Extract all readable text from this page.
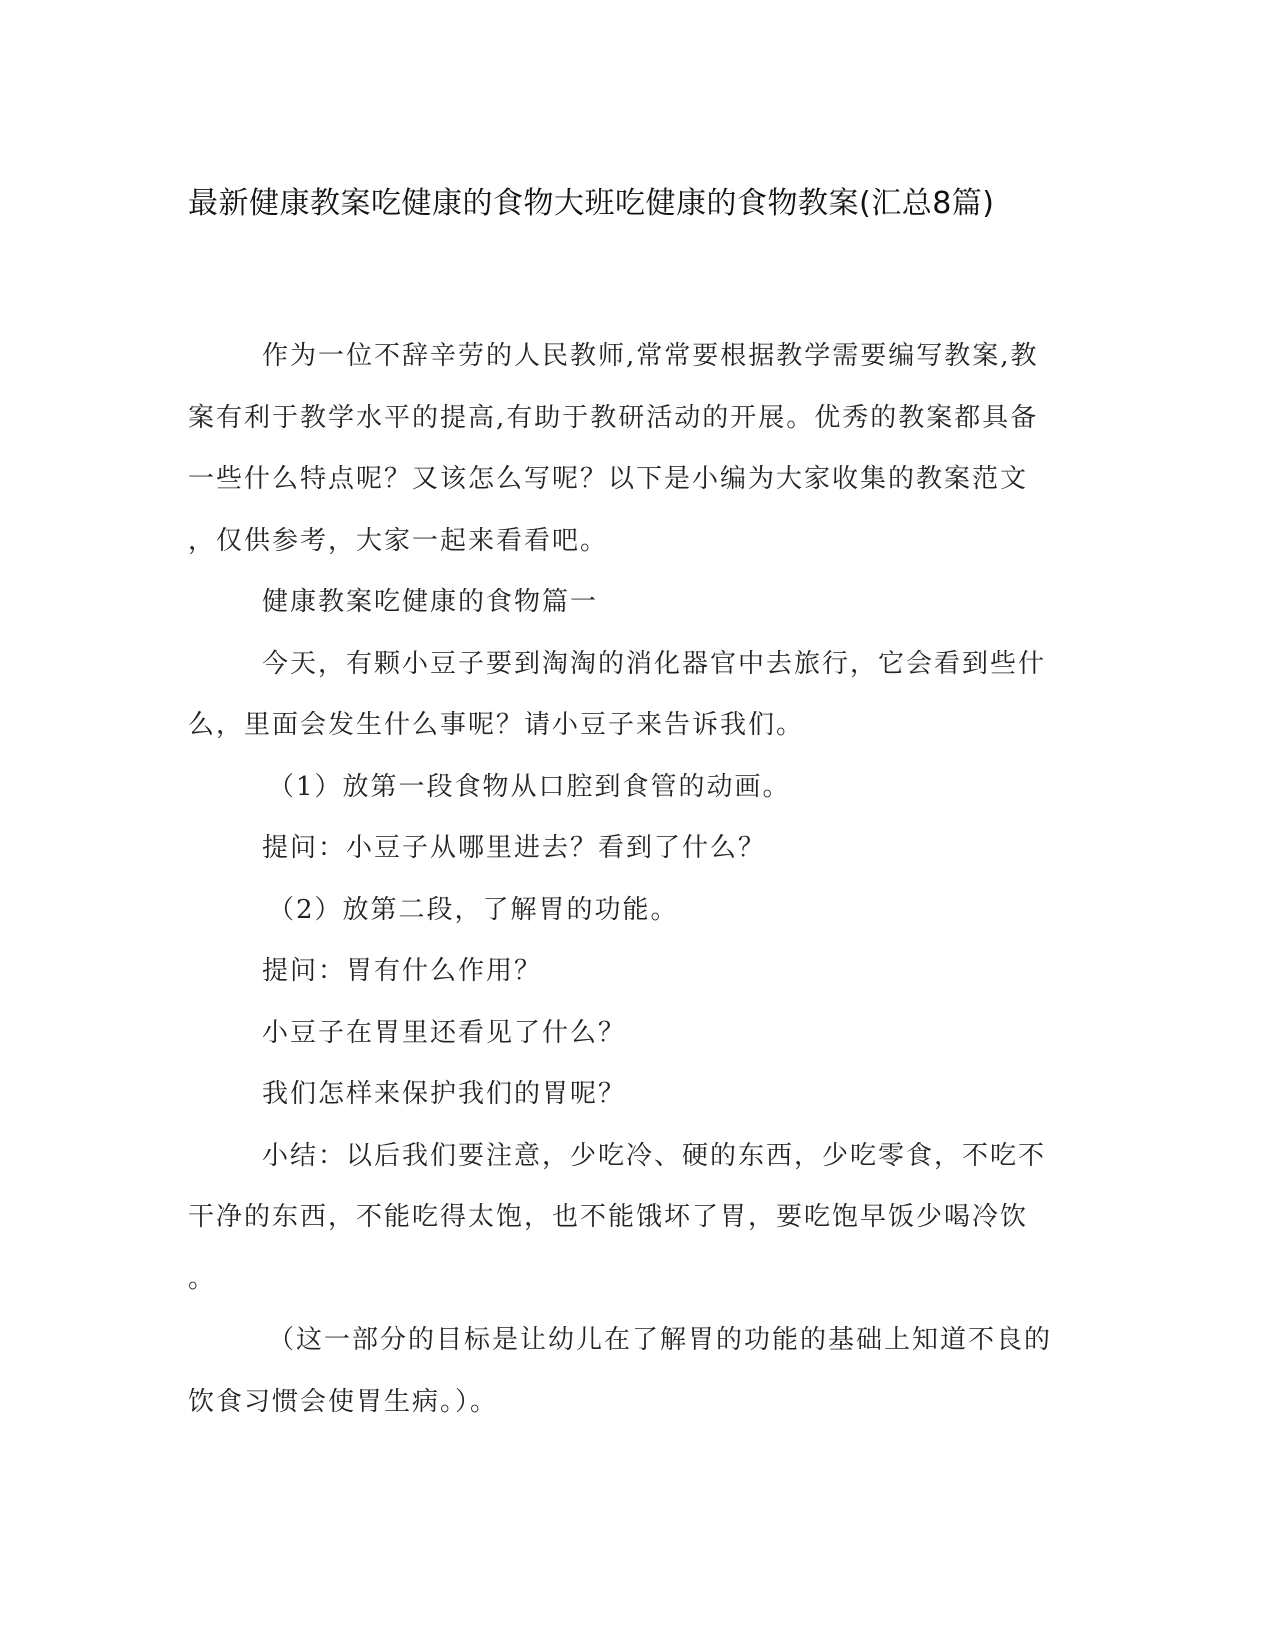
最新健康教案吃健康的食物大班吃健康的食物教案(汇总8篇)

作为一位不辞辛劳的人民教师,常常要根据教学需要编写教案,教

案有利于教学水平的提高,有助于教研活动的开展。优秀的教案都具备

一些什么特点呢？又该怎么写呢？以下是小编为大家收集的教案范文

，仅供参考，大家一起来看看吧。

健康教案吃健康的食物篇一

今天，有颗小豆子要到淘淘的消化器官中去旅行，它会看到些什

么，里面会发生什么事呢？请小豆子来告诉我们。

（1）放第一段食物从口腔到食管的动画。

提问：小豆子从哪里进去？看到了什么？

（2）放第二段，了解胃的功能。

提问：胃有什么作用？

小豆子在胃里还看见了什么？

我们怎样来保护我们的胃呢？

小结：以后我们要注意，少吃冷、硬的东西，少吃零食，不吃不

干净的东西，不能吃得太饱，也不能饿坏了胃，要吃饱早饭少喝冷饮

。

（这一部分的目标是让幼儿在了解胃的功能的基础上知道不良的

饮食习惯会使胃生病。）。
